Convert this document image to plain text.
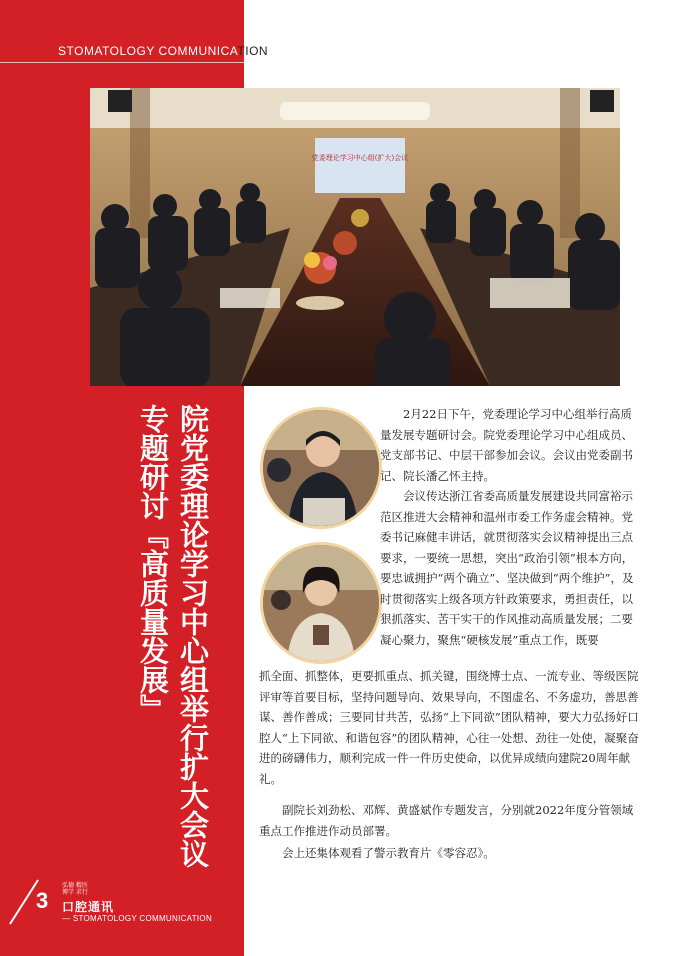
STOMATOLOGY COMMUNICATION
党委理论学习中心组(扩大)会议
院党委理论学习中心组举行扩大会议
专题研讨『高质量发展』	2月22日下午，党委理论学习中心组举行高质量发展专题研讨会。院党委理论学习中心组成员、党支部书记、中层干部参加会议。会议由党委副书记、院长潘乙怀主持。
会议传达浙江省委高质量发展建设共同富裕示范区推进大会精神和温州市委工作务虚会精神。党委书记麻健丰讲话，就贯彻落实会议精神提出三点要求，一要统一思想，突出“政治引领”根本方向，要忠诚拥护“两个确立”、坚决做到“两个维护”，及时贯彻落实上级各项方针政策要求，勇担责任，以狠抓落实、苦干实干的作风推动高质量发展；二要凝心聚力，聚焦“硬核发展”重点工作，既要
抓全面、抓整体，更要抓重点、抓关键，围绕博士点、一流专业、等级医院评审等首要目标，坚持问题导向、效果导向，不图虚名、不务虚功，善思善谋、善作善成；三要同甘共苦，弘扬“上下同欲”团队精神，要大力弘扬好口腔人“上下同欲、和谐包容”的团队精神，心往一处想、劲往一处使，凝聚奋进的磅礴伟力，顺利完成一件一件历史使命，以优异成绩向建院20周年献礼。
副院长刘劲松、邓辉、黄盛斌作专题发言，分别就2022年度分管领域重点工作推进作动员部署。
会上还集体观看了警示教育片《零容忍》。
3
弘德 精医
博学 求行
口腔通讯
— STOMATOLOGY COMMUNICATION
